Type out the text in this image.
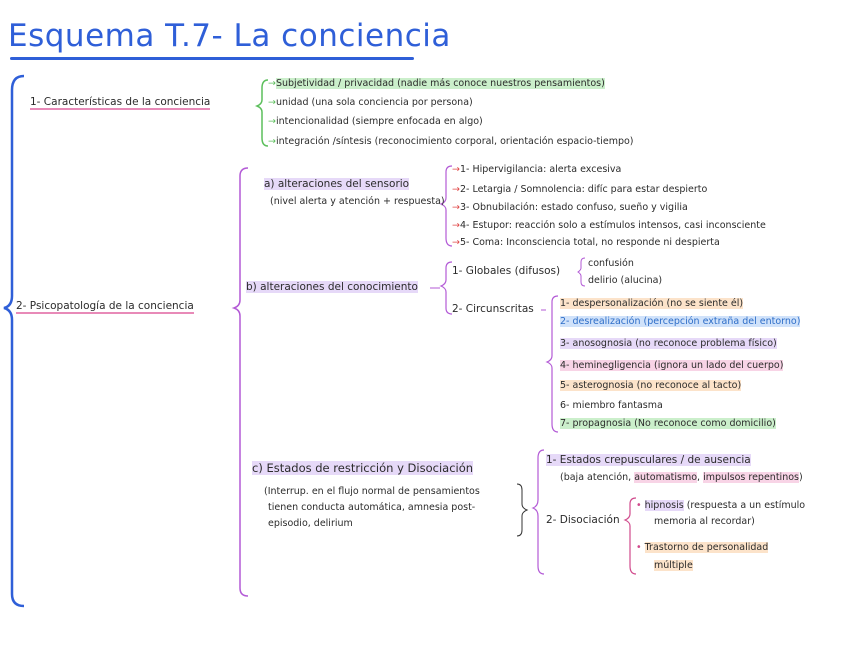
Esquema T.7- La conciencia
1- Características de la conciencia
→Subjetividad / privacidad (nadie más conoce nuestros pensamientos)
→unidad (una sola conciencia por persona)
→intencionalidad (siempre enfocada en algo)
→integración /síntesis (reconocimiento corporal, orientación espacio-tiempo)
2- Psicopatología de la conciencia
a) alteraciones del sensorio
(nivel alerta y atención + respuesta)
→1- Hipervigilancia: alerta excesiva
→2- Letargia / Somnolencia: difíc para estar despierto
→3- Obnubilación: estado confuso, sueño y vigilia
→4- Estupor: reacción solo a estímulos intensos, casi inconsciente
→5- Coma: Inconsciencia total, no responde ni despierta
b) alteraciones del conocimiento
1- Globales (difusos)
confusión
delirio (alucina)
2- Circunscritas	1- despersonalización (no se siente él)
2- desrealización (percepción extraña del entorno)
3- anosognosia (no reconoce problema físico)
4- heminegligencia (ignora un lado del cuerpo)
5- asterognosia (no reconoce al tacto)
6- miembro fantasma
7- propagnosia (No reconoce como domicilio)
c) Estados de restricción y Disociación
(Interrup. en el flujo normal de pensamientos
tienen conducta automática, amnesia post-
episodio, delirium
1- Estados crepusculares / de ausencia
(baja atención, automatismo, impulsos repentinos)
2- Disociación
• hipnosis (respuesta a un estímulo
memoria al recordar)
• Trastorno de personalidad
múltiple
